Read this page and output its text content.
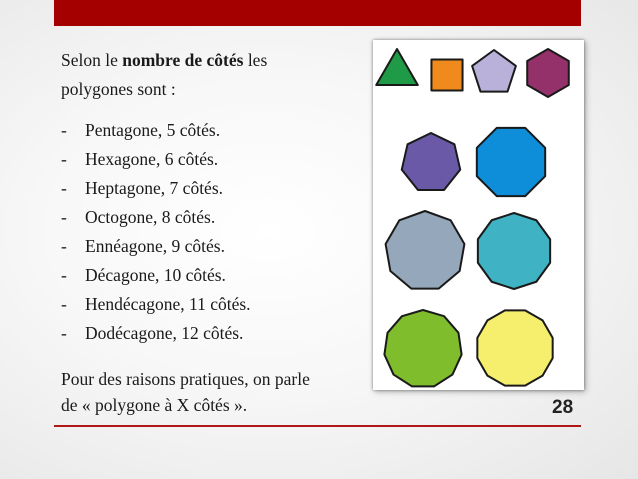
Selon le nombre de côtés les polygones sont :
- Pentagone, 5 côtés.
- Hexagone, 6 côtés.
- Heptagone, 7 côtés.
- Octogone, 8 côtés.
- Ennéagone, 9 côtés.
- Décagone, 10 côtés.
- Hendécagone, 11 côtés.
- Dodécagone, 12 côtés.
Pour des raisons pratiques, on parle
de « polygone à X côtés ».	28
